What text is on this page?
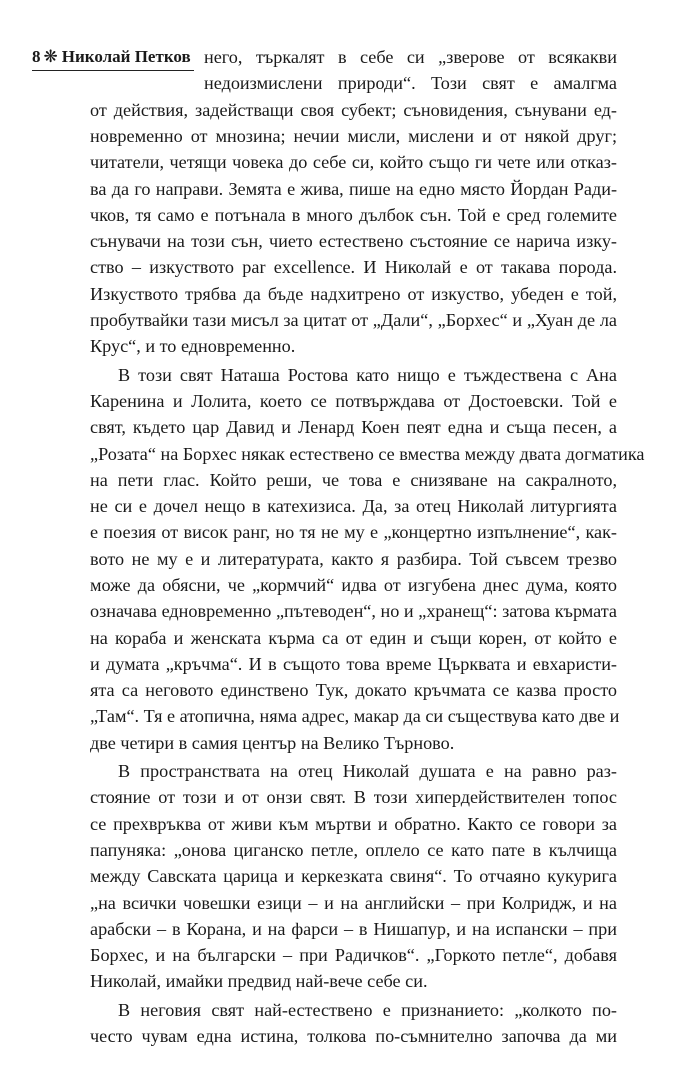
8 ❋ Николай Петков него, търкалят в себе си „зверове от всякакви
недоизмислени природи“. Този свят е амалгма
от действия, задействащи своя субект; съновидения, сънувани ед-
новременно от мнозина; нечии мисли, мислени и от някой друг;
читатели, четящи човека до себе си, който също ги чете или отказ-
ва да го направи. Земята е жива, пише на едно място Йордан Ради-
чков, тя само е потънала в много дълбок сън. Той е сред големите
сънувачи на този сън, чието естествено състояние се нарича изку-
ство – изкуството par excellence. И Николай е от такава порода.
Изкуството трябва да бъде надхитрено от изкуство, убеден е той,
пробутвайки тази мисъл за цитат от „Дали“, „Борхес“ и „Хуан де ла
Крус“, и то едновременно.
В този свят Наташа Ростова като нищо е тъждествена с Ана
Каренина и Лолита, което се потвърждава от Достоевски. Той е
свят, където цар Давид и Ленард Коен пеят една и съща песен, а
„Розата“ на Борхес някак естествено се вмества между двата догматика
на пети глас. Който реши, че това е снизяване на сакралното,
не си е дочел нещо в катехизиса. Да, за отец Николай литургията
е поезия от висок ранг, но тя не му е „концертно изпълнение“, как-
вото не му е и литературата, както я разбира. Той съвсем трезво
може да обясни, че „кормчий“ идва от изгубена днес дума, която
означава едновременно „пътеводен“, но и „хранещ“: затова кърмата
на кораба и женската кърма са от един и същи корен, от който е
и думата „кръчма“. И в същото това време Църквата и евхаристи-
ята са неговото единствено Тук, докато кръчмата се казва просто
„Там“. Тя е атопична, няма адрес, макар да си съществува като две и
две четири в самия център на Велико Търново.
В пространствата на отец Николай душата е на равно раз-
стояние от този и от онзи свят. В този хипердействителен топос
се прехвръква от живи към мъртви и обратно. Както се говори за
папуняка: „онова циганско петле, оплело се като пате в кълчища
между Савската царица и керкезката свиня“. То отчаяно кукурига
„на всички човешки езици – и на английски – при Колридж, и на
арабски – в Корана, и на фарси – в Нишапур, и на испански – при
Борхес, и на български – при Радичков“. „Горкото петле“, добавя
Николай, имайки предвид най-вече себе си.
В неговия свят най-естествено е признанието: „колкото по-
често чувам една истина, толкова по-съмнително започва да ми
